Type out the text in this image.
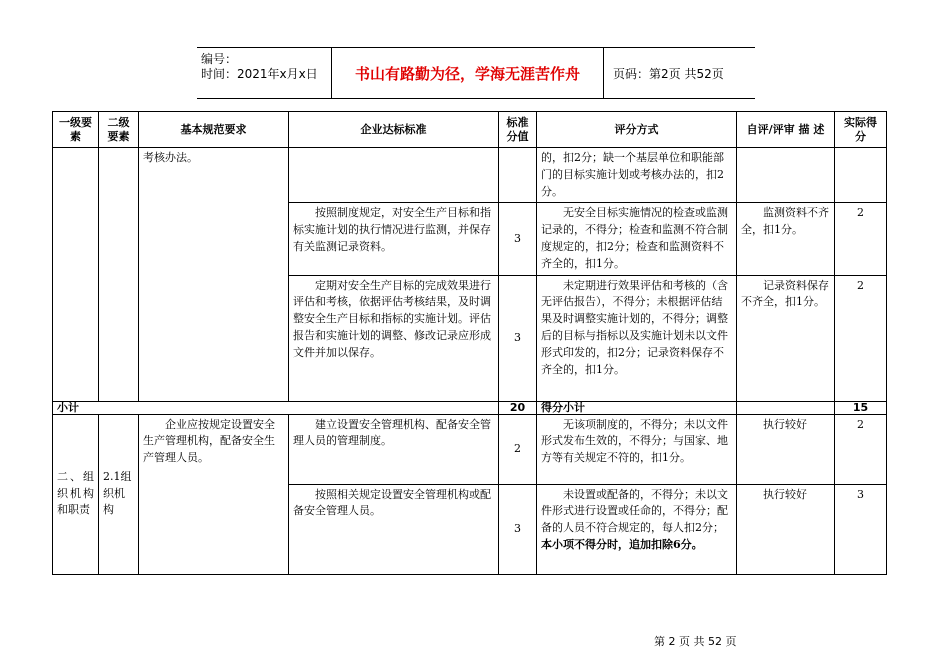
编号：
时间：2021年x月x日	书山有路勤为径，学海无涯苦作舟	页码：第2页 共52页
一级要素	二级要素	基本规范要求	企业达标标准	标准分值	评分方式	自评/评审 描 述	实际得分
		考核办法。			的，扣2分；缺一个基层单位和职能部门的目标实施计划或考核办法的，扣2分。		
			按照制度规定，对安全生产目标和指标实施计划的执行情况进行监测，并保存有关监测记录资料。	3	无安全目标实施情况的检查或监测记录的，不得分；检查和监测不符合制度规定的，扣2分；检查和监测资料不齐全的，扣1分。	监测资料不齐全，扣1分。	2
			定期对安全生产目标的完成效果进行评估和考核，依据评估考核结果，及时调整安全生产目标和指标的实施计划。评估报告和实施计划的调整、修改记录应形成文件并加以保存。	3	未定期进行效果评估和考核的（含无评估报告），不得分；未根据评估结果及时调整实施计划的，不得分；调整后的目标与指标以及实施计划未以文件形式印发的，扣2分；记录资料保存不齐全的，扣1分。	记录资料保存不齐全，扣1分。	2
小计				20	得分小计		15
二、组织机构和职责	2.1组织机构	企业应按规定设置安全生产管理机构，配备安全生产管理人员。	建立设置安全管理机构、配备安全管理人员的管理制度。	2	无该项制度的，不得分；未以文件形式发布生效的，不得分；与国家、地方等有关规定不符的，扣1分。	执行较好	2
			按照相关规定设置安全管理机构或配备安全管理人员。	3	未设置或配备的，不得分；未以文件形式进行设置或任命的，不得分；配备的人员不符合规定的，每人扣2分；本小项不得分时，追加扣除6分。	执行较好	3
第 2 页 共 52 页
